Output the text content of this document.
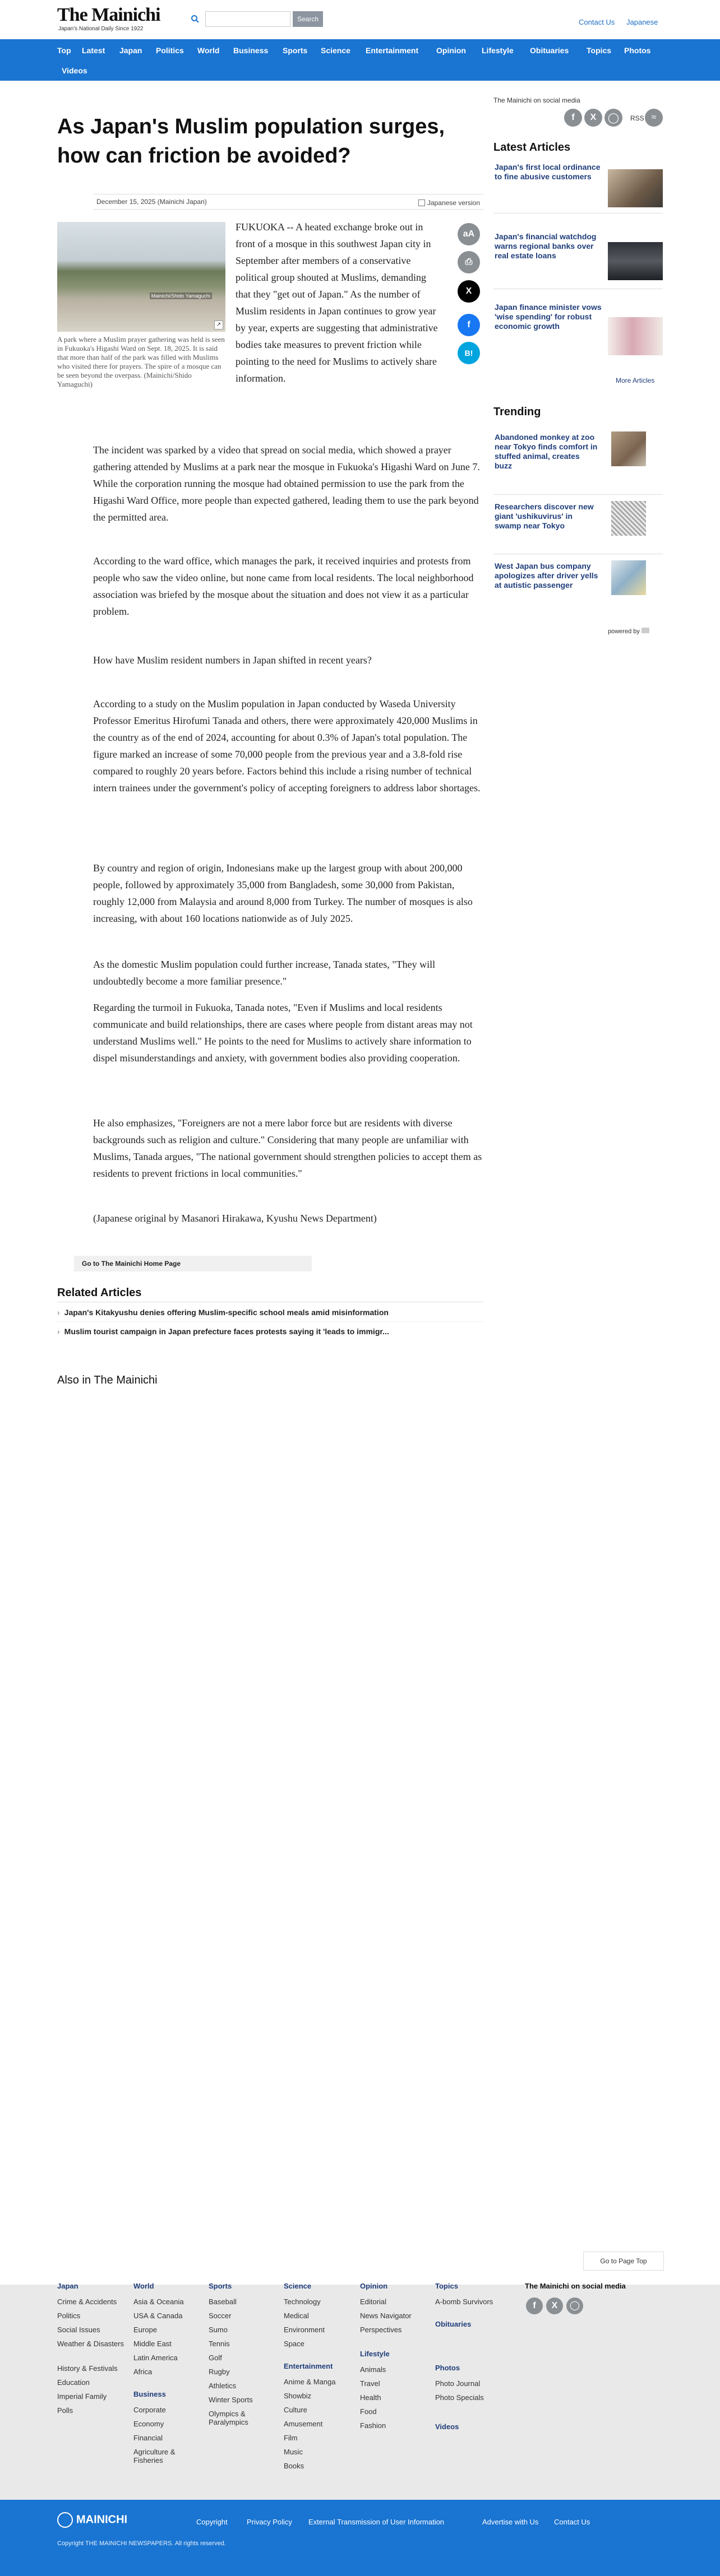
The Mainichi
Japan's National Daily Since 1922
Search	Contact Us Japanese
Top Latest Japan Politics World Business Sports Science Entertainment Opinion Lifestyle Obituaries Topics Photos
Videos
As Japan's Muslim population surges, how can friction be avoided?
December 15, 2025 (Mainichi Japan)	Japanese version
Mainichi/Shido Yamaguchi
↗
A park where a Muslim prayer gathering was held is seen in Fukuoka's Higashi Ward on Sept. 18, 2025. It is said that more than half of the park was filled with Muslims who visited there for prayers. The spire of a mosque can be seen beyond the overpass. (Mainichi/Shido Yamaguchi)

FUKUOKA -- A heated exchange broke out in front of a mosque in this southwest Japan city in September after members of a conservative political group shouted at Muslims, demanding that they "get out of Japan." As the number of Muslim residents in Japan continues to grow year by year, experts are suggesting that administrative bodies take measures to prevent friction while pointing to the need for Muslims to actively share information.

aA
⎙
X
f
B!

The incident was sparked by a video that spread on social media, which showed a prayer gathering attended by Muslims at a park near the mosque in Fukuoka's Higashi Ward on June 7. While the corporation running the mosque had obtained permission to use the park from the Higashi Ward Office, more people than expected gathered, leading them to use the park beyond the permitted area.

According to the ward office, which manages the park, it received inquiries and protests from people who saw the video online, but none came from local residents. The local neighborhood association was briefed by the mosque about the situation and does not view it as a particular problem.

How have Muslim resident numbers in Japan shifted in recent years?

According to a study on the Muslim population in Japan conducted by Waseda University Professor Emeritus Hirofumi Tanada and others, there were approximately 420,000 Muslims in the country as of the end of 2024, accounting for about 0.3% of Japan's total population. The figure marked an increase of some 70,000 people from the previous year and a 3.8-fold rise compared to roughly 20 years before. Factors behind this include a rising number of technical intern trainees under the government's policy of accepting foreigners to address labor shortages.

By country and region of origin, Indonesians make up the largest group with about 200,000 people, followed by approximately 35,000 from Bangladesh, some 30,000 from Pakistan, roughly 12,000 from Malaysia and around 8,000 from Turkey. The number of mosques is also increasing, with about 160 locations nationwide as of July 2025.

As the domestic Muslim population could further increase, Tanada states, "They will undoubtedly become a more familiar presence."

Regarding the turmoil in Fukuoka, Tanada notes, "Even if Muslims and local residents communicate and build relationships, there are cases where people from distant areas may not understand Muslims well." He points to the need for Muslims to actively share information to dispel misunderstandings and anxiety, with government bodies also providing cooperation.

He also emphasizes, "Foreigners are not a mere labor force but are residents with diverse backgrounds such as religion and culture." Considering that many people are unfamiliar with Muslims, Tanada argues, "The national government should strengthen policies to accept them as residents to prevent frictions in local communities."

(Japanese original by Masanori Hirakawa, Kyushu News Department)

Go to The Mainichi Home Page
Related Articles
› Japan's Kitakyushu denies offering Muslim-specific school meals amid misinformation
› Muslim tourist campaign in Japan prefecture faces protests saying it 'leads to immigr...
Also in The Mainichi
The Mainichi on social media
f	X	◯	RSS ≈
Latest Articles
Japan's first local ordinance to fine abusive customers
Japan's financial watchdog warns regional banks over real estate loans
Japan finance minister vows 'wise spending' for robust economic growth
More Articles
Trending
Abandoned monkey at zoo near Tokyo finds comfort in stuffed animal, creates buzz
Researchers discover new giant 'ushikuvirus' in swamp near Tokyo
West Japan bus company apologizes after driver yells at autistic passenger
powered by
Go to Page Top
Japan
Crime & Accidents
Politics
Social Issues
Weather & Disasters
History & Festivals
Education
Imperial Family
Polls
World
Asia & Oceania
USA & Canada
Europe
Middle East
Latin America
Africa
Business
Corporate
Economy
Financial
Agriculture & Fisheries
Sports
Baseball
Soccer
Sumo
Tennis
Golf
Rugby
Athletics
Winter Sports
Olympics & Paralympics
Science
Technology
Medical
Environment
Space
Entertainment
Anime & Manga
Showbiz
Culture
Amusement
Film
Music
Books
Opinion
Editorial
News Navigator
Perspectives
Lifestyle
Animals
Travel
Health
Food
Fashion
Topics
A-bomb Survivors
Obituaries
Photos
Photo Journal
Photo Specials
Videos
The Mainichi on social media
f	X	◯
MAINICHI
Copyright THE MAINICHI NEWSPAPERS. All rights reserved.
Copyright	Privacy Policy External Transmission of User Information	Advertise with Us Contact Us
